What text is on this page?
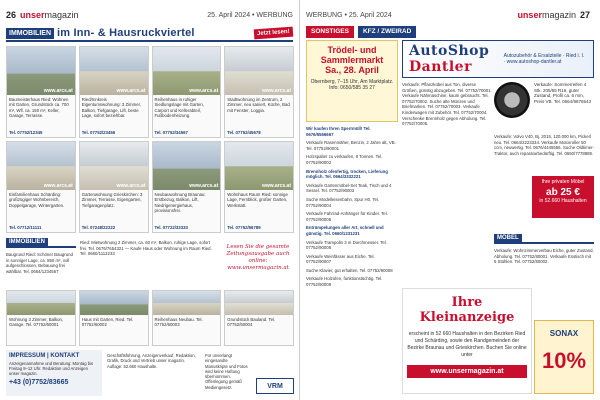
26 unsermagazin	25. April 2024 • WERBUNG
IMMOBILIEN im Inn- & Hausruckviertel	Jetzt lesen!
www.arcs.at
Baumeisterhaus Ried: Wohnen mit Garten, Grundstück ca. 700 m², Wfl. ca. 150 m², Keller, Garage, Terrasse.
Tel. 07752/12345
www.arcs.at
Ried/Innkreis Eigentumswohnung: 3 Zimmer, Balkon, Tiefgarage, Lift, beste Lage, sofort beziehbar.
Tel. 07752/23456
www.arcs.at
Reihenhaus in ruhiger Siedlungslage mit Garten, Carport und Kellerabteil, Fußbodenheizung.
Tel. 07752/34567
www.arcs.at
Stadtwohnung im Zentrum, 2 Zimmer, neu saniert, Küche, Bad mit Fenster, Loggia.
Tel. 07752/45678
www.arcs.at
Einfamilienhaus Schärding: großzügiger Wohnbereich, Doppelgarage, Wintergarten.
Tel. 07712/11111
www.arcs.at
Gartenwohnung Grieskirchen: 3 Zimmer, Terrasse, Eigengarten, Tiefgaragenplatz.
Tel. 07248/22222
www.arcs.at
Neubauwohnung Braunau: Erstbezug, Balkon, Lift, Niedrigenergiehaus, provisionsfrei.
Tel. 07722/33333
www.arcs.at
Wohnhaus Raum Ried: sonnige Lage, Fernblick, großer Garten, Werkstatt.
Tel. 07752/56789
IMMOBILIEN
Baugrund Ried: Schöner Baugrund in sonniger Lage, ca. 850 m², voll aufgeschlossen, Bebauung frei wählbar. Tel. 0664/1234567
Ried: Mietwohnung 2 Zimmer, ca. 60 m², Balkon, ruhige Lage, sofort frei. Tel. 0676/7654321 — Kaufe Haus oder Wohnung im Raum Ried. Tel. 0660/1112233
Lesen Sie die gesamte Zeitungsausgabe auch online: www.unsermagazin.at
Wohnung 3 Zimmer, Balkon, Garage. Tel. 07752/60001
Haus mit Garten, Ried. Tel. 07752/60002
Reihenhaus Neubau. Tel. 07752/60003
Grundstück Bauland. Tel. 07752/60004
IMPRESSUM | KONTAKT
Anzeigenannahme und Beratung: Montag bis Freitag 8–12 Uhr. Redaktion und Anzeigen unser magazin.
+43 (0)7752/83665
Geschäftsführung, Anzeigenverkauf, Redaktion, Grafik, Druck und Vertrieb unser magazin. Auflage: 52.660 Haushalte.
Für unverlangt eingesandte Manuskripte und Fotos wird keine Haftung übernommen. Offenlegung gemäß Mediengesetz.	VRM
WERBUNG • 25. April 2024	unsermagazin 27
SONSTIGES	KFZ / ZWEIRAD
Trödel- und
Sammlermarkt
Sa., 28. April
Obernberg, 7–15 Uhr, Am Marktplatz. Info: 0650/585 35 27

Wir kaufen Ihren Sperrmüll! Tel. 0676/5556667

Verkaufe Rasenmäher, Benzin, 2 Jahre alt, VB. Tel. 07752/90001

Holzspalter zu verkaufen, 8 Tonnen. Tel. 07752/90002

Brennholz ofenfertig, trocken, Lieferung möglich. Tel. 0664/3332221

Verkaufe Gartenmöbel-Set Teak, Tisch und 4 Sessel. Tel. 07752/90003

Suche Modelleisenbahn, Spur H0. Tel. 07752/90004

Verkaufe Fahrrad-Anhänger für Kinder. Tel. 07752/90005

Entrümpelungen aller Art, schnell und günstig. Tel. 0660/1231231

Verkaufe Trampolin 3 m Durchmesser. Tel. 07752/90006

Verkaufe Weinfässer aus Eiche. Tel. 07752/90007

Suche Klavier, gut erhalten. Tel. 07752/90008

Verkaufe Holzofen, funktionstüchtig. Tel. 07752/90009

AutoShop Dantler
Autozubehör & Ersatzteile · Ried i. I. · www.autoshop-dantler.at
Verkaufe: Sommerreifen 4 Stk. 205/55 R16, guter Zustand, Profil ca. 6 mm, Preis VB. Tel. 0664/9876543
Verkaufe: Pflanzkübel aus Ton, diverse Größen, günstig abzugeben. Tel. 07752/70001. Verkaufe Nähmaschine, kaum gebraucht. Tel. 07752/70002. Suche alte Münzen und Briefmarken. Tel. 07752/70003. Verkaufe Kinderwagen mit Zubehör. Tel. 07752/70004. Verschenke Brennholz gegen Abholung. Tel. 07752/70005.
Verkaufe: Volvo V40, Bj. 2015, 120.000 km, Pickerl neu. Tel. 0664/2223334. Verkaufe Motorroller 50 ccm, neuwertig. Tel. 0676/4445556. Suche Oldtimer-Traktor, auch reparaturbedürftig. Tel. 0660/7778889.
Ihre privaten Möbel
ab 25 €
in 52.660 Haushalten
MÖBEL
Verkaufe: Wohnzimmerverbau Eiche, guter Zustand, Abholung. Tel. 07752/80001. Verkaufe Esstisch mit 6 Stühlen. Tel. 07752/80002.
Ihre Kleinanzeige
erscheint in 52 660 Haushalten in den Bezirken Ried und Schärding, sowie den Randgemeinden der Bezirke Braunau und Grieskirchen. Buchen Sie online unter
www.unsermagazin.at
SONAX
10%
